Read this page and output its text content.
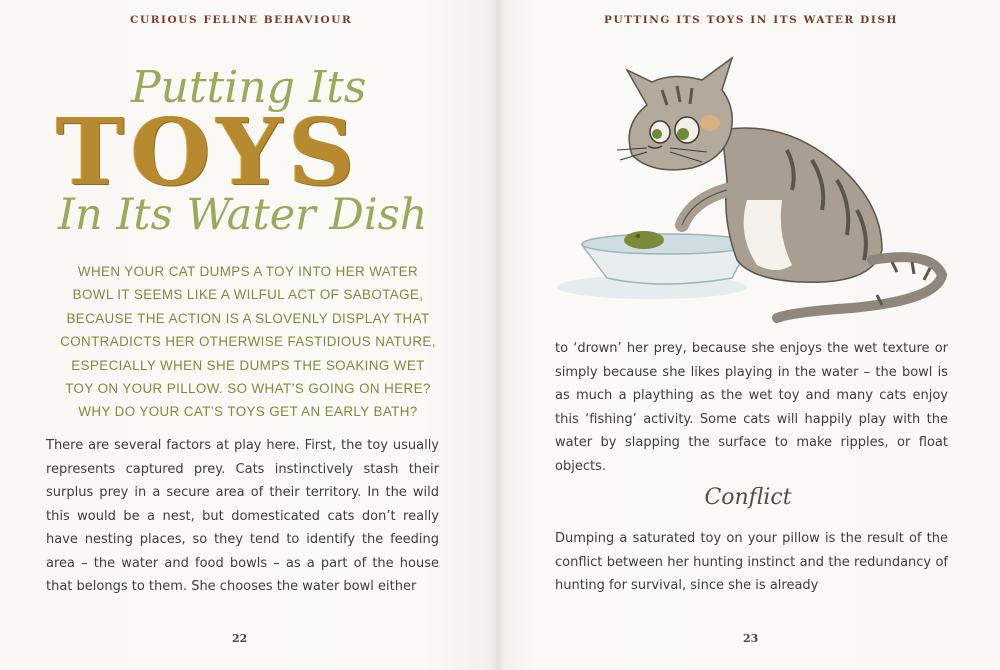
CURIOUS FELINE BEHAVIOUR
Putting Its
TOYS
In Its Water Dish
WHEN YOUR CAT DUMPS A TOY INTO HER WATER
BOWL IT SEEMS LIKE A WILFUL ACT OF SABOTAGE,
BECAUSE THE ACTION IS A SLOVENLY DISPLAY THAT
CONTRADICTS HER OTHERWISE FASTIDIOUS NATURE,
ESPECIALLY WHEN SHE DUMPS THE SOAKING WET
TOY ON YOUR PILLOW. SO WHAT’S GOING ON HERE?
WHY DO YOUR CAT’S TOYS GET AN EARLY BATH?
There are several factors at play here. First, the toy usually represents captured prey. Cats instinctively stash their surplus prey in a secure area of their territory. In the wild this would be a nest, but domesticated cats don’t really have nesting places, so they tend to identify the feeding area – the water and food bowls – as a part of the house that belongs to them. She chooses the water bowl either
22
PUTTING ITS TOYS IN ITS WATER DISH
to ‘drown’ her prey, because she enjoys the wet texture or simply because she likes playing in the water – the bowl is as much a plaything as the wet toy and many cats enjoy this ‘fishing’ activity. Some cats will happily play with the water by slapping the surface to make ripples, or float objects.
Conflict
Dumping a saturated toy on your pillow is the result of the conflict between her hunting instinct and the redundancy of hunting for survival, since she is already
23
